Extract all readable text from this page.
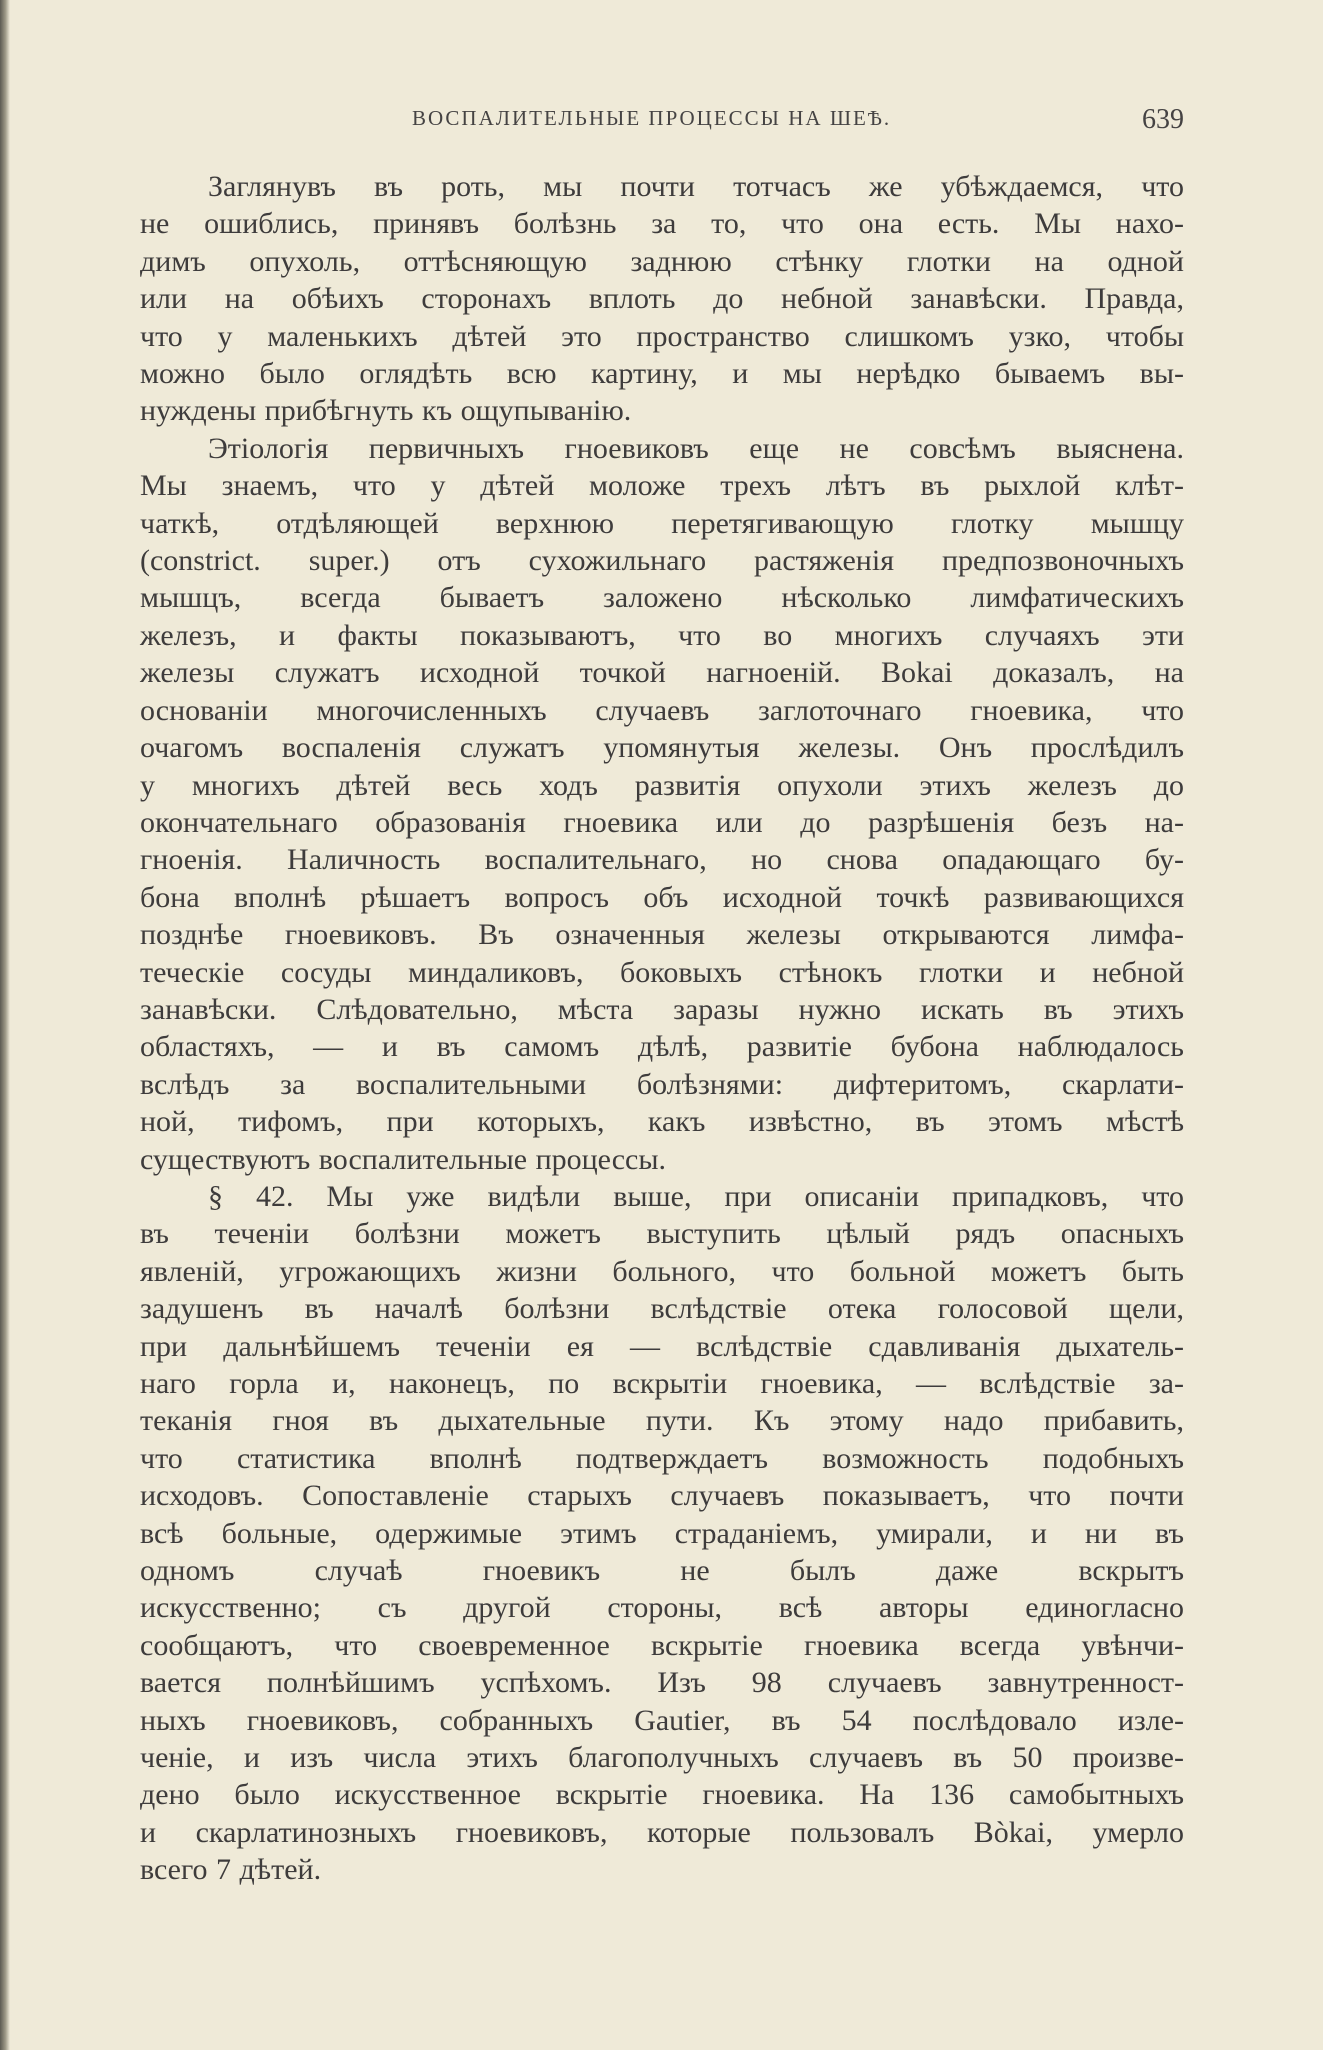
ВОСПАЛИТЕЛЬНЫЕ ПРОЦЕССЫ НА ШЕѢ.	639

Заглянувъ въ роть, мы почти тотчасъ же убѣждаемся, что
не ошиблись, принявъ болѣзнь за то, что она есть. Мы нахо-
димъ опухоль, оттѣсняющую заднюю стѣнку глотки на одной
или на обѣихъ сторонахъ вплоть до небной занавѣски. Правда,
что у маленькихъ дѣтей это пространство слишкомъ узко, чтобы
можно было оглядѣть всю картину, и мы нерѣдко бываемъ вы-
нуждены прибѣгнуть къ ощупыванію.

Этіологія первичныхъ гноевиковъ еще не совсѣмъ выяснена.
Мы знаемъ, что у дѣтей моложе трехъ лѣтъ въ рыхлой клѣт-
чаткѣ, отдѣляющей верхнюю перетягивающую глотку мышцу
(constrict. super.) отъ сухожильнаго растяженія предпозвоночныхъ
мышцъ, всегда бываетъ заложено нѣсколько лимфатическихъ
железъ, и факты показываютъ, что во многихъ случаяхъ эти
железы служатъ исходной точкой нагноеній. Bokai доказалъ, на
основаніи многочисленныхъ случаевъ заглоточнаго гноевика, что
очагомъ воспаленія служатъ упомянутыя железы. Онъ прослѣдилъ
у многихъ дѣтей весь ходъ развитія опухоли этихъ железъ до
окончательнаго образованія гноевика или до разрѣшенія безъ на-
гноенія. Наличность воспалительнаго, но снова опадающаго бу-
бона вполнѣ рѣшаетъ вопросъ объ исходной точкѣ развивающихся
позднѣе гноевиковъ. Въ означенныя железы открываются лимфа-
теческіе сосуды миндаликовъ, боковыхъ стѣнокъ глотки и небной
занавѣски. Слѣдовательно, мѣста заразы нужно искать въ этихъ
областяхъ, — и въ самомъ дѣлѣ, развитіе бубона наблюдалось
вслѣдъ за воспалительными болѣзнями: дифтеритомъ, скарлати-
ной, тифомъ, при которыхъ, какъ извѣстно, въ этомъ мѣстѣ
существуютъ воспалительные процессы.

§ 42. Мы уже видѣли выше, при описаніи припадковъ, что
въ теченіи болѣзни можетъ выступить цѣлый рядъ опасныхъ
явленій, угрожающихъ жизни больного, что больной можетъ быть
задушенъ въ началѣ болѣзни вслѣдствіе отека голосовой щели,
при дальнѣйшемъ теченіи ея — вслѣдствіе сдавливанія дыхатель-
наго горла и, наконецъ, по вскрытіи гноевика, — вслѣдствіе за-
теканія гноя въ дыхательные пути. Къ этому надо прибавить,
что статистика вполнѣ подтверждаетъ возможность подобныхъ
исходовъ. Сопоставленіе старыхъ случаевъ показываетъ, что почти
всѣ больные, одержимые этимъ страданіемъ, умирали, и ни въ
одномъ случаѣ гноевикъ не былъ даже вскрытъ
искусственно; съ другой стороны, всѣ авторы единогласно
сообщаютъ, что своевременное вскрытіе гноевика всегда увѣнчи-
вается полнѣйшимъ успѣхомъ. Изъ 98 случаевъ завнутренност-
ныхъ гноевиковъ, собранныхъ Gautier, въ 54 послѣдовало изле-
ченіе, и изъ числа этихъ благополучныхъ случаевъ въ 50 произве-
дено было искусственное вскрытіе гноевика. На 136 самобытныхъ
и скарлатинозныхъ гноевиковъ, которые пользовалъ Bòkai, умерло
всего 7 дѣтей.
